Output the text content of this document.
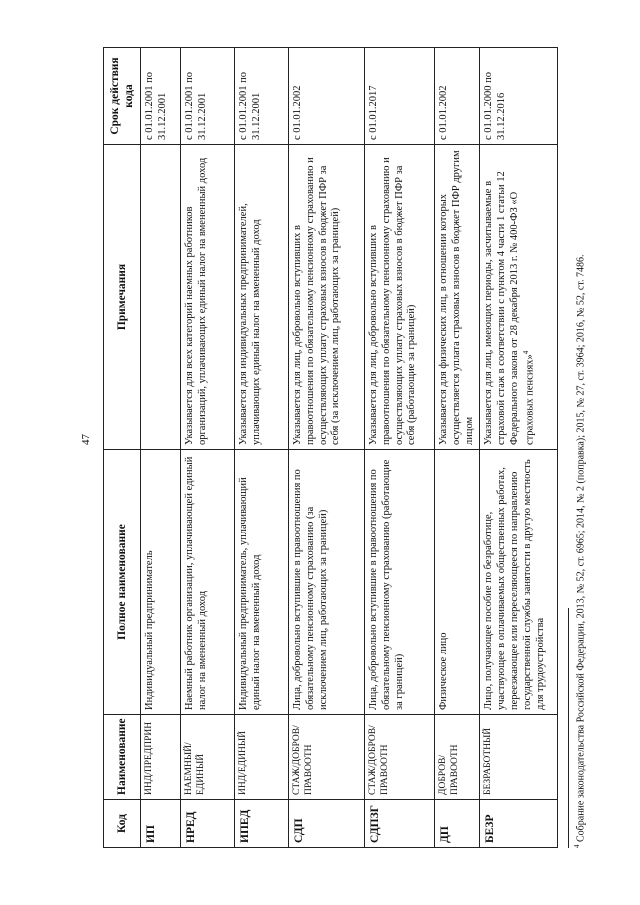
47
Код	Наименование	Полное наименование	Примечания	Срок действия кода
ИП	ИНД/ПРЕДПРИН	Индивидуальный предприниматель		с 01.01.2001 по 31.12.2001
НРЕД	НАЕМНЫЙ/ЕДИНЫЙ	Наемный работник организации, уплачивающей единый налог на вмененный доход	Указывается для всех категорий наемных работников организаций, уплачивающих единый налог на вмененный доход	с 01.01.2001 по 31.12.2001
ИПЕД	ИНД/ЕДИНЫЙ	Индивидуальный предприниматель, уплачивающий единый налог на вмененный доход	Указывается для индивидуальных предпринимателей, уплачивающих единый налог на вмененный доход	с 01.01.2001 по 31.12.2001
СДП	СТАЖ/ДОБРОВ/ПРАВООТН	Лица, добровольно вступившие в правоотношения по обязательному пенсионному страхованию (за исключением лиц, работающих за границей)	Указывается для лиц, добровольно вступивших в правоотношения по обязательному пенсионному страхованию и осуществляющих уплату страховых взносов в бюджет ПФР за себя (за исключением лиц, работающих за границей)	с 01.01.2002
СДПЗГ	СТАЖ/ДОБРОВ/ПРАВООТН	Лица, добровольно вступившие в правоотношения по обязательному пенсионному страхованию (работающие за границей)	Указывается для лиц, добровольно вступивших в правоотношения по обязательному пенсионному страхованию и осуществляющих уплату страховых взносов в бюджет ПФР за себя (работающие за границей)	с 01.01.2017
ДП	ДОБРОВ/ПРАВООТН	Физическое лицо	Указывается для физических лиц, в отношении которых осуществляется уплата страховых взносов в бюджет ПФР другим лицом	с 01.01.2002
БЕЗР	БЕЗРАБОТНЫЙ	Лицо, получающее пособие по безработице, участвующее в оплачиваемых общественных работах, переезжающее или переселяющееся по направлению государственной службы занятости в другую местность для трудоустройства	Указывается для лиц, имеющих периоды, засчитываемые в страховой стаж в соответствии с пунктом 4 части 1 статьи 12 Федерального закона от 28 декабря 2013 г. № 400-ФЗ «О страховых пенсиях»$^4$	с 01.01.2000 по 31.12.2016
$^4$ Собрание законодательства Российской Федерации, 2013, № 52, ст. 6965; 2014, № 2 (поправка); 2015, № 27, ст. 3964; 2016, № 52, ст. 7486.
